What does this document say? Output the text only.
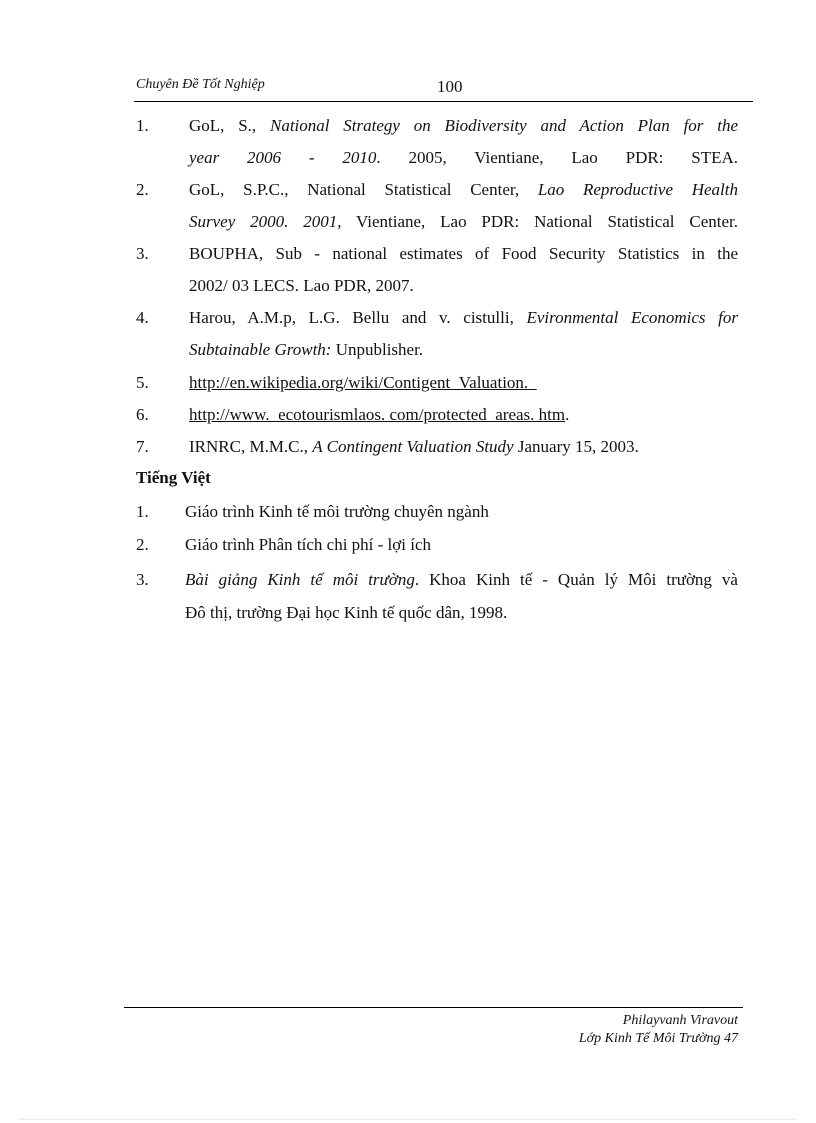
Chuyên Đề Tốt Nghiệp	100
1. GoL, S., National Strategy on Biodiversity and Action Plan for the
year 2006 - 2010. 2005, Vientiane, Lao PDR: STEA.
2. GoL, S.P.C., National Statistical Center, Lao Reproductive Health
Survey 2000. 2001, Vientiane, Lao PDR: National Statistical Center.
3. BOUPHA, Sub - national estimates of Food Security Statistics in the
2002/ 03 LECS. Lao PDR, 2007.
4. Harou, A.M.p, L.G. Bellu and v. cistulli, Evironmental Economics for
Subtainable Growth: Unpublisher.
5. http://en.wikipedia.org/wiki/Contigent_Valuation.
6. http://www.  ecotourismlaos. com/protected_areas. htm.
7. IRNRC, M.M.C., A Contingent Valuation Study January 15, 2003.
Tiếng Việt
1. Giáo trình Kinh tế môi trường chuyên ngành
2. Giáo trình Phân tích chi phí - lợi ích
3. Bài giảng Kinh tế môi trường. Khoa Kinh tế - Quản lý Môi trường và
Đô thị, trường Đại học Kinh tế quốc dân, 1998.
Philayvanh Viravout
Lớp Kinh Tế Môi Trường 47
